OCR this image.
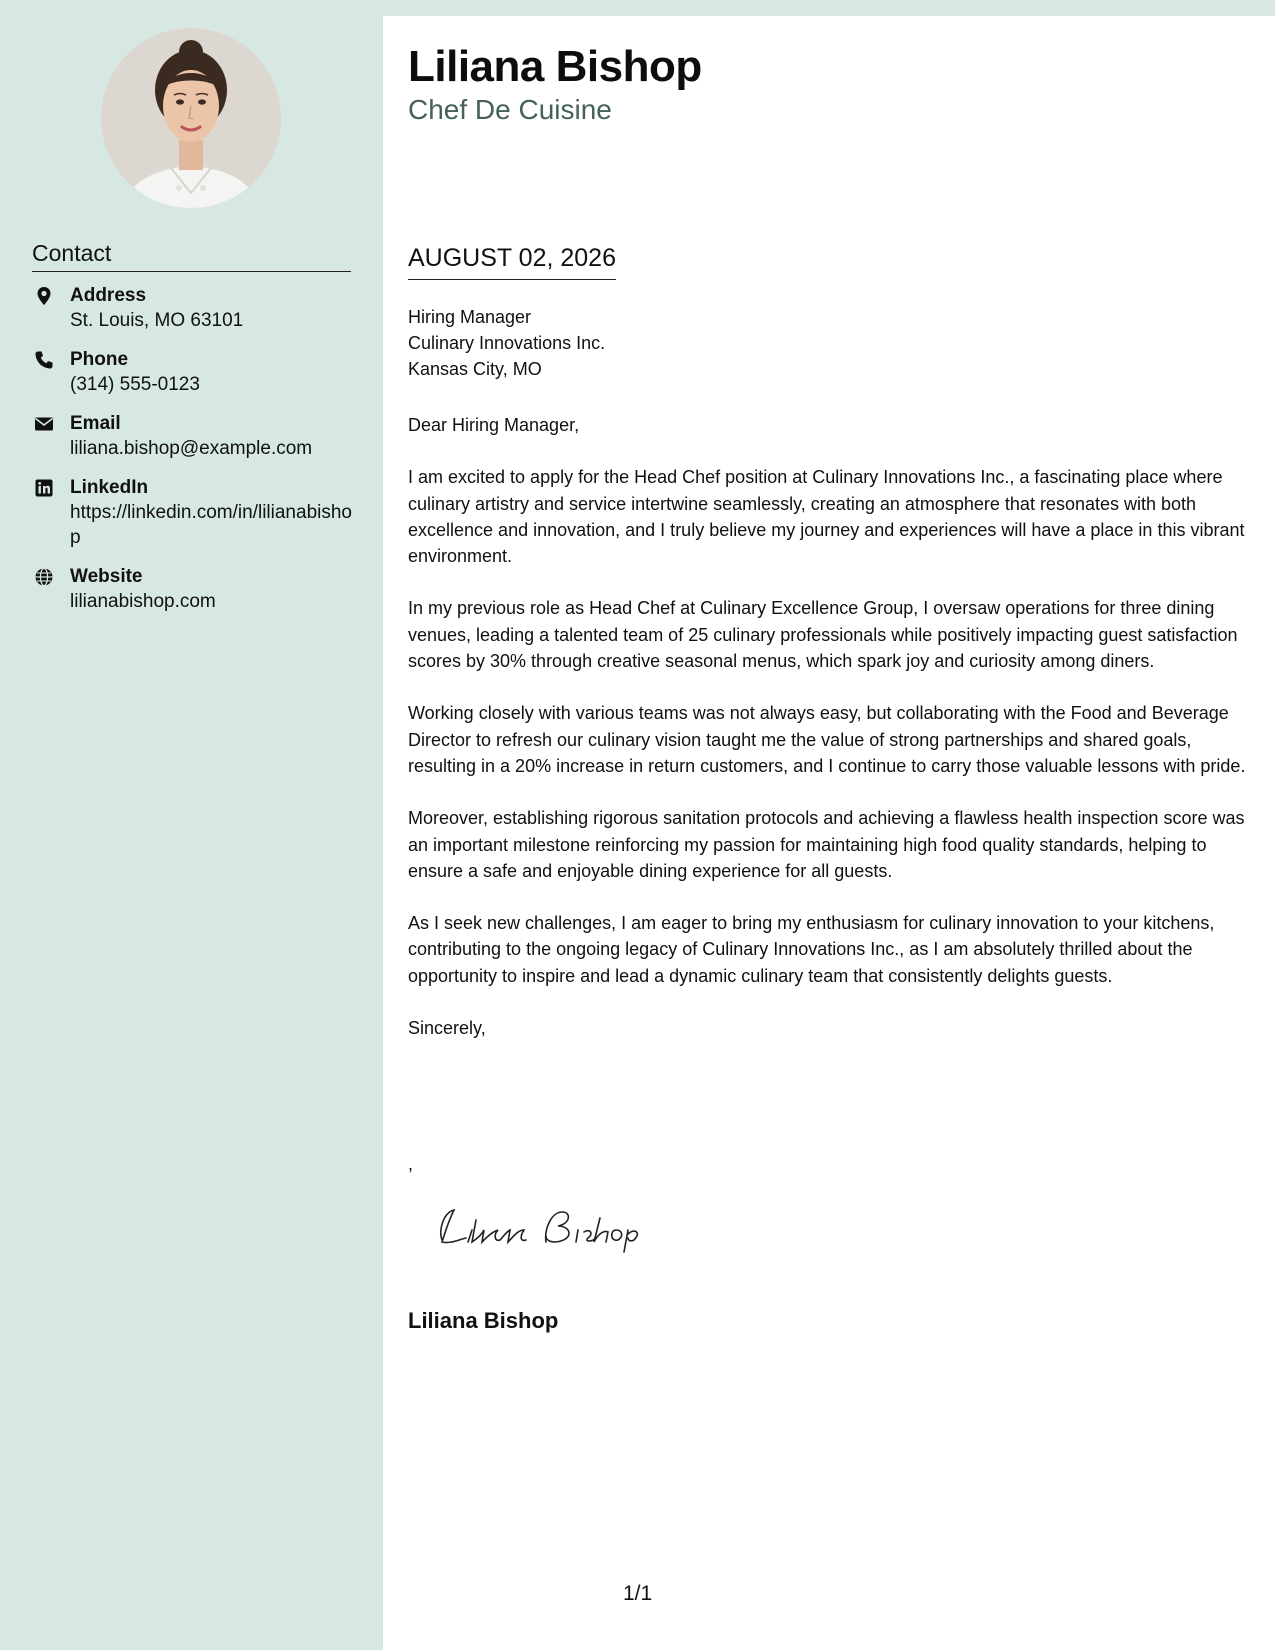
Contact
Address
St. Louis, MO 63101
Phone
(314) 555-0123
Email
liliana.bishop@example.com
LinkedIn
https://linkedin.com/in/lilianabishop
Website
lilianabishop.com
Liliana Bishop
Chef De Cuisine
AUGUST 02, 2026
Hiring Manager
Culinary Innovations Inc.
Kansas City, MO

Dear Hiring Manager,

I am excited to apply for the Head Chef position at Culinary Innovations Inc., a fascinating place where culinary artistry and service intertwine seamlessly, creating an atmosphere that resonates with both excellence and innovation, and I truly believe my journey and experiences will have a place in this vibrant environment.

In my previous role as Head Chef at Culinary Excellence Group, I oversaw operations for three dining venues, leading a talented team of 25 culinary professionals while positively impacting guest satisfaction scores by 30% through creative seasonal menus, which spark joy and curiosity among diners.

Working closely with various teams was not always easy, but collaborating with the Food and Beverage Director to refresh our culinary vision taught me the value of strong partnerships and shared goals, resulting in a 20% increase in return customers, and I continue to carry those valuable lessons with pride.

Moreover, establishing rigorous sanitation protocols and achieving a flawless health inspection score was an important milestone reinforcing my passion for maintaining high food quality standards, helping to ensure a safe and enjoyable dining experience for all guests.

As I seek new challenges, I am eager to bring my enthusiasm for culinary innovation to your kitchens, contributing to the ongoing legacy of Culinary Innovations Inc., as I am absolutely thrilled about the opportunity to inspire and lead a dynamic culinary team that consistently delights guests.

Sincerely,

,
Liliana Bishop
1/1
